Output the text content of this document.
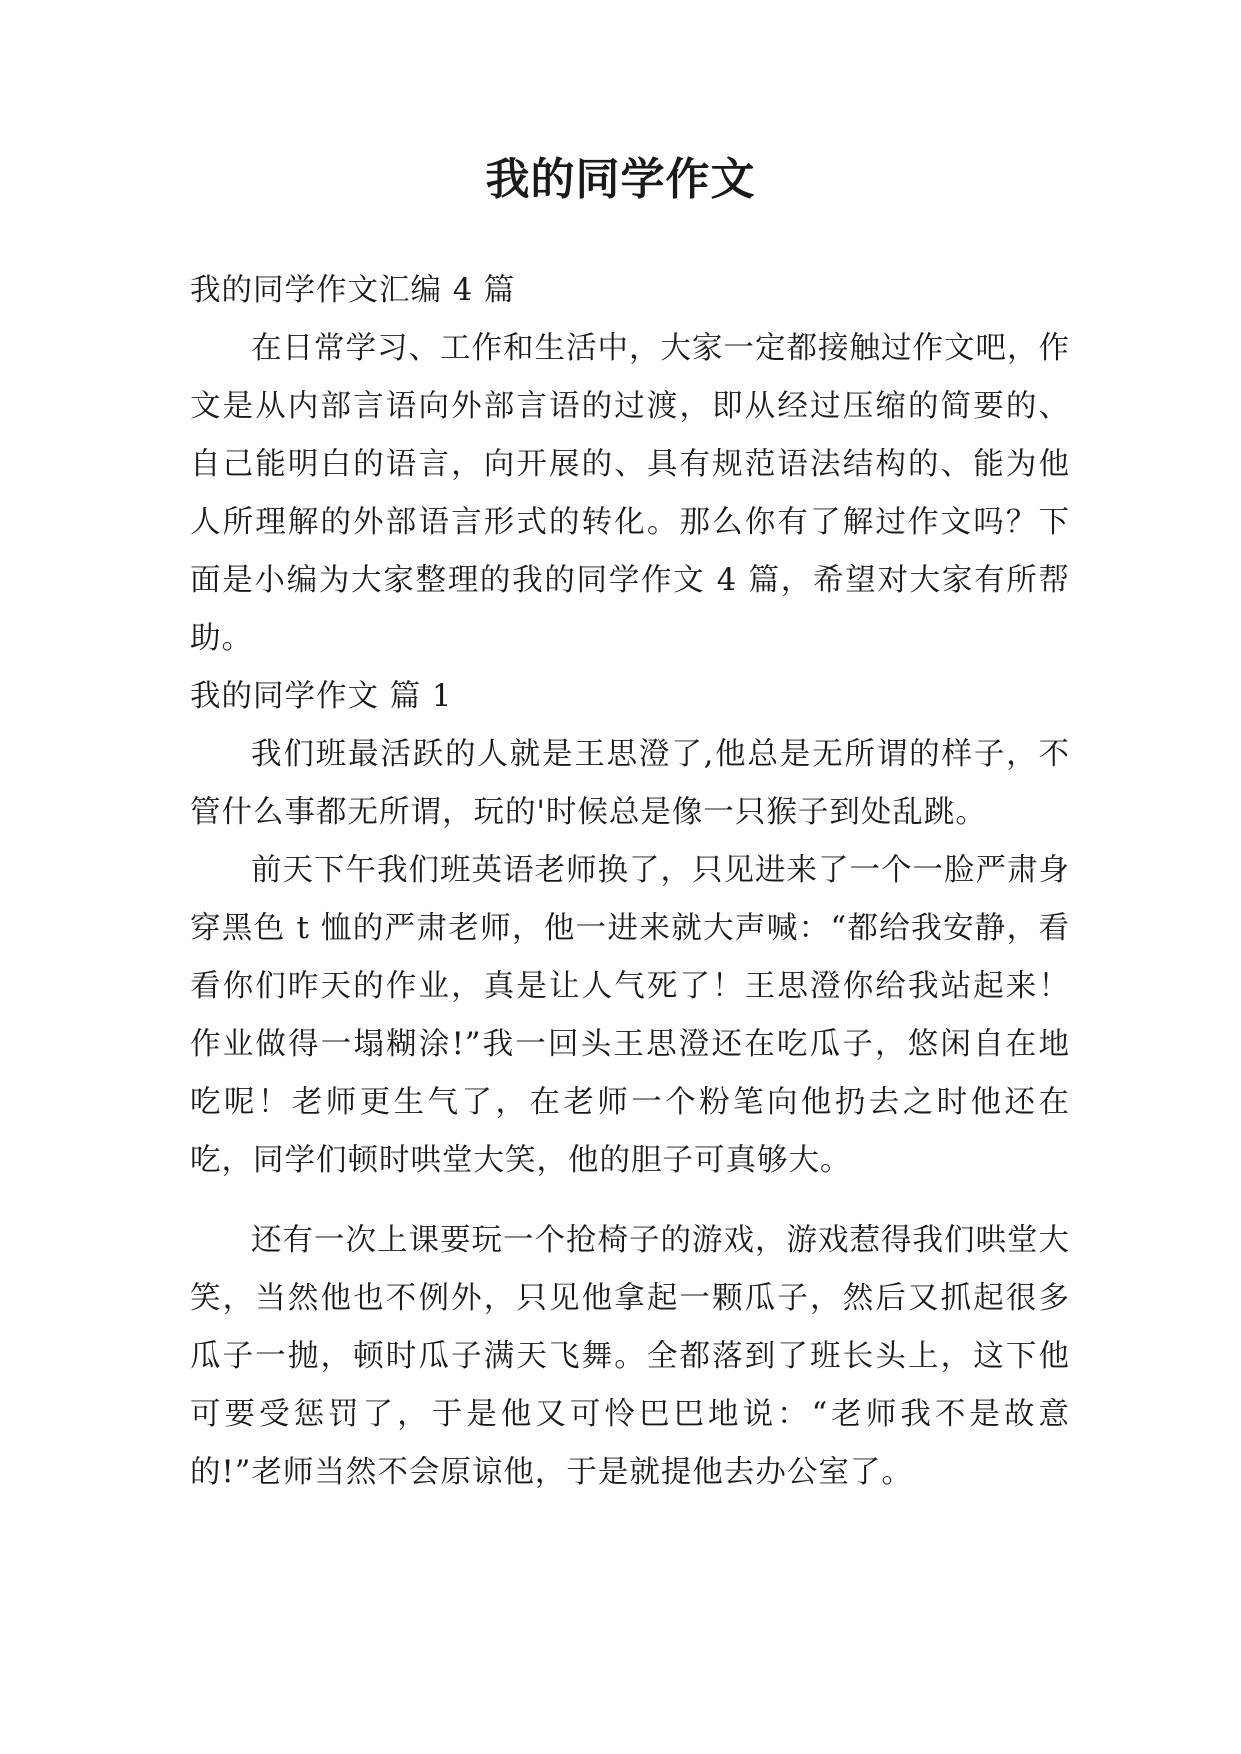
我的同学作文

我的同学作文汇编 4 篇

在日常学习、工作和生活中，大家一定都接触过作文吧，作文是从内部言语向外部言语的过渡，即从经过压缩的简要的、自己能明白的语言，向开展的、具有规范语法结构的、能为他人所理解的外部语言形式的转化。那么你有了解过作文吗？下面是小编为大家整理的我的同学作文 4 篇，希望对大家有所帮助。

我的同学作文 篇 1

我们班最活跃的人就是王思澄了,他总是无所谓的样子，不管什么事都无所谓，玩的'时候总是像一只猴子到处乱跳。

前天下午我们班英语老师换了，只见进来了一个一脸严肃身穿黑色 t 恤的严肃老师，他一进来就大声喊：“都给我安静，看看你们昨天的作业，真是让人气死了！王思澄你给我站起来！作业做得一塌糊涂!”我一回头王思澄还在吃瓜子，悠闲自在地吃呢！老师更生气了，在老师一个粉笔向他扔去之时他还在吃，同学们顿时哄堂大笑，他的胆子可真够大。

还有一次上课要玩一个抢椅子的游戏，游戏惹得我们哄堂大笑，当然他也不例外，只见他拿起一颗瓜子，然后又抓起很多瓜子一抛，顿时瓜子满天飞舞。全都落到了班长头上，这下他可要受惩罚了，于是他又可怜巴巴地说：“老师我不是故意的!”老师当然不会原谅他，于是就提他去办公室了。
